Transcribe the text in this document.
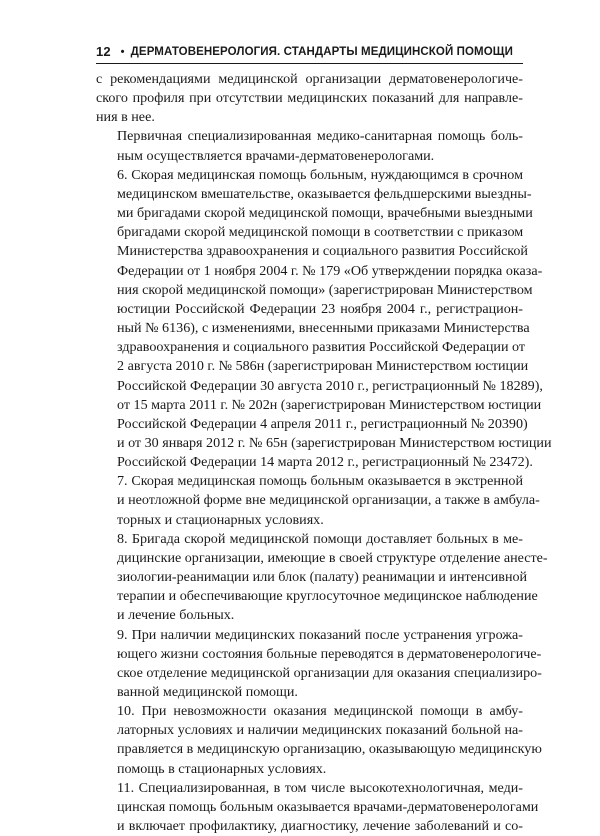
12 • ДЕРМАТОВЕНЕРОЛОГИЯ. СТАНДАРТЫ МЕДИЦИНСКОЙ ПОМОЩИ

с рекомендациями медицинской организации дерматовенерологиче-
ского профиля при отсутствии медицинских показаний для направле-
ния в нее.

Первичная специализированная медико-санитарная помощь боль-
ным осуществляется врачами-дерматовенерологами.

6. Скорая медицинская помощь больным, нуждающимся в срочном
медицинском вмешательстве, оказывается фельдшерскими выездны-
ми бригадами скорой медицинской помощи, врачебными выездными
бригадами скорой медицинской помощи в соответствии с приказом
Министерства здравоохранения и социального развития Российской
Федерации от 1 ноября 2004 г. № 179 «Об утверждении порядка оказа-
ния скорой медицинской помощи» (зарегистрирован Министерством
юстиции Российской Федерации 23 ноября 2004 г., регистрацион-
ный № 6136), с изменениями, внесенными приказами Министерства
здравоохранения и социального развития Российской Федерации от
2 августа 2010 г. № 586н (зарегистрирован Министерством юстиции
Российской Федерации 30 августа 2010 г., регистрационный № 18289),
от 15 марта 2011 г. № 202н (зарегистрирован Министерством юстиции
Российской Федерации 4 апреля 2011 г., регистрационный № 20390)
и от 30 января 2012 г. № 65н (зарегистрирован Министерством юстиции
Российской Федерации 14 марта 2012 г., регистрационный № 23472).

7. Скорая медицинская помощь больным оказывается в экстренной
и неотложной форме вне медицинской организации, а также в амбула-
торных и стационарных условиях.

8. Бригада скорой медицинской помощи доставляет больных в ме-
дицинские организации, имеющие в своей структуре отделение анесте-
зиологии-реанимации или блок (палату) реанимации и интенсивной
терапии и обеспечивающие круглосуточное медицинское наблюдение
и лечение больных.

9. При наличии медицинских показаний после устранения угрожа-
ющего жизни состояния больные переводятся в дерматовенерологиче-
ское отделение медицинской организации для оказания специализиро-
ванной медицинской помощи.

10. При невозможности оказания медицинской помощи в амбу-
латорных условиях и наличии медицинских показаний больной на-
правляется в медицинскую организацию, оказывающую медицинскую
помощь в стационарных условиях.

11. Специализированная, в том числе высокотехнологичная, меди-
цинская помощь больным оказывается врачами-дерматовенерологами
и включает профилактику, диагностику, лечение заболеваний и со-
